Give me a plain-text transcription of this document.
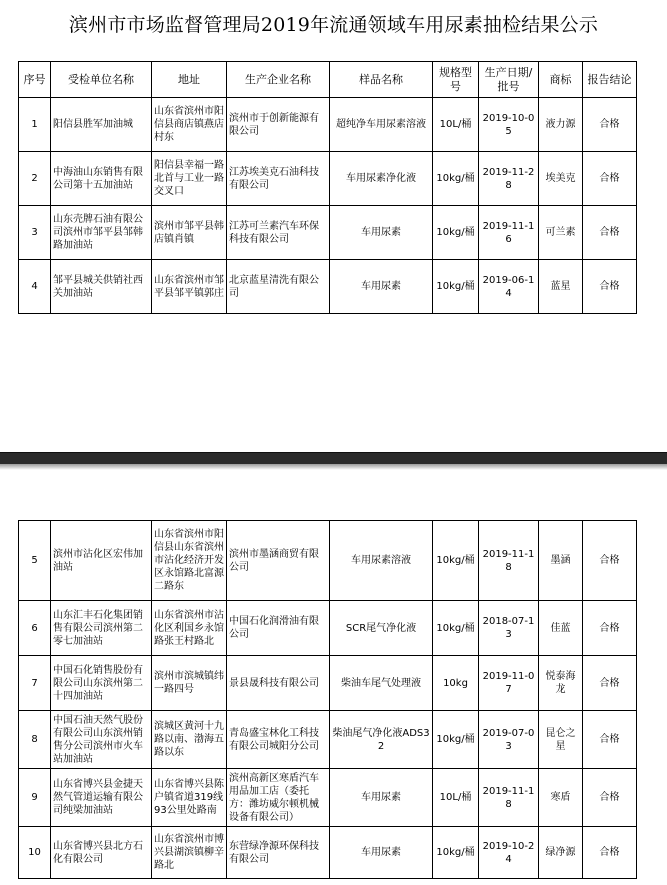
滨州市市场监督管理局2019年流通领域车用尿素抽检结果公示
序号	受检单位名称	地址	生产企业名称	样品名称	规格型号	生产日期/批号	商标	报告结论
1	阳信县胜军加油城	山东省滨州市阳信县商店镇燕店村东	滨州市于创新能源有限公司	超纯净车用尿素溶液	10L/桶	2019-10-05	液力源	合格
2	中海油山东销售有限公司第十五加油站	阳信县幸福一路北首与工业一路交叉口	江苏埃美克石油科技有限公司	车用尿素净化液	10kg/桶	2019-11-28	埃美克	合格
3	山东壳牌石油有限公司滨州市邹平县邹韩路加油站	滨州市邹平县韩店镇肖镇	江苏可兰素汽车环保科技有限公司	车用尿素	10kg/桶	2019-11-16	可兰素	合格
4	邹平县城关供销社西关加油站	山东省滨州市邹平县邹平镇郭庄	北京蓝星清洗有限公司	车用尿素	10kg/桶	2019-06-14	蓝星	合格
5	滨州市沾化区宏伟加油站	山东省滨州市阳信县山东省滨州市沾化经济开发区永馆路北富源二路东	滨州市墨涵商贸有限公司	车用尿素溶液	10kg/桶	2019-11-18	墨涵	合格
6	山东汇丰石化集团销售有限公司滨州第二零七加油站	山东省滨州市沾化区利国乡永馆路张王村路北	中国石化润滑油有限公司	SCR尾气净化液	10kg/桶	2018-07-13	佳蓝	合格
7	中国石化销售股份有限公司山东滨州第二十四加油站	滨州市滨城镇纬一路四号	景县晟科技有限公司	柴油车尾气处理液	10kg	2019-11-07	悦泰海龙	合格
8	中国石油天然气股份有限公司山东滨州销售分公司滨州市火车站加油站	滨城区黄河十九路以南、渤海五路以东	青岛盛宝林化工科技有限公司城阳分公司	柴油尾气净化液ADS32	10kg/桶	2019-07-03	昆仑之星	合格
9	山东省博兴县金捷天然气管道运输有限公司纯梁加油站	山东省博兴县陈户镇省道319线93公里处路南	滨州高新区寒盾汽车用品加工店（委托方：潍坊威尔顿机械设备有限公司）	车用尿素	10L/桶	2019-11-18	寒盾	合格
10	山东省博兴县北方石化有限公司	山东省滨州市博兴县湖滨镇柳辛路北	东营绿净源环保科技有限公司	车用尿素	10kg/桶	2019-10-24	绿净源	合格
